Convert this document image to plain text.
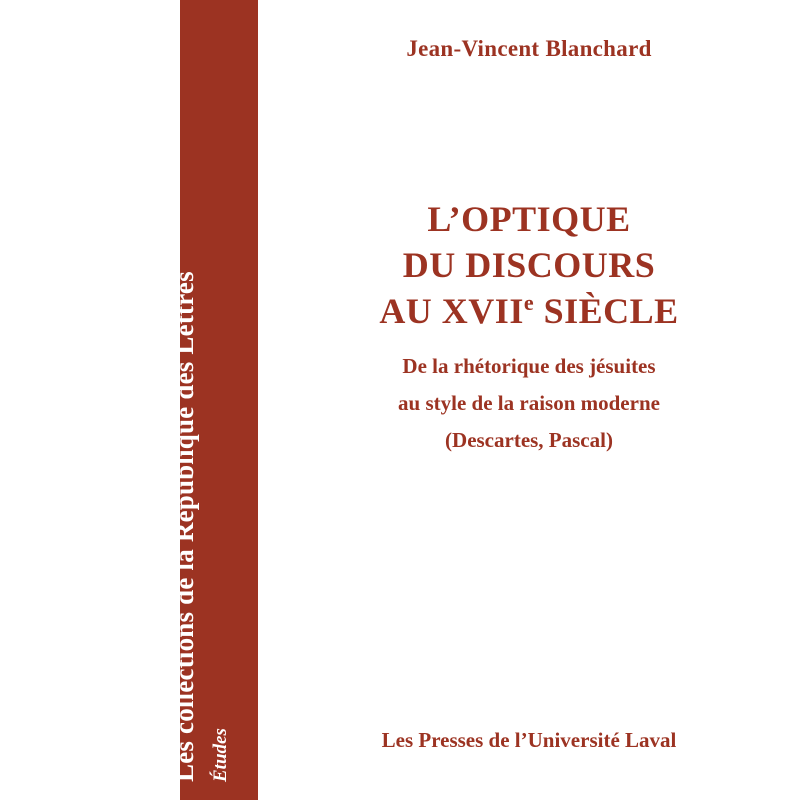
Les collections de la République des Lettres Études
Jean-Vincent Blanchard
L’OPTIQUE
DU DISCOURS
AU XVIIe SIÈCLE
De la rhétorique des jésuites
au style de la raison moderne
(Descartes, Pascal)
Les Presses de l’Université Laval
